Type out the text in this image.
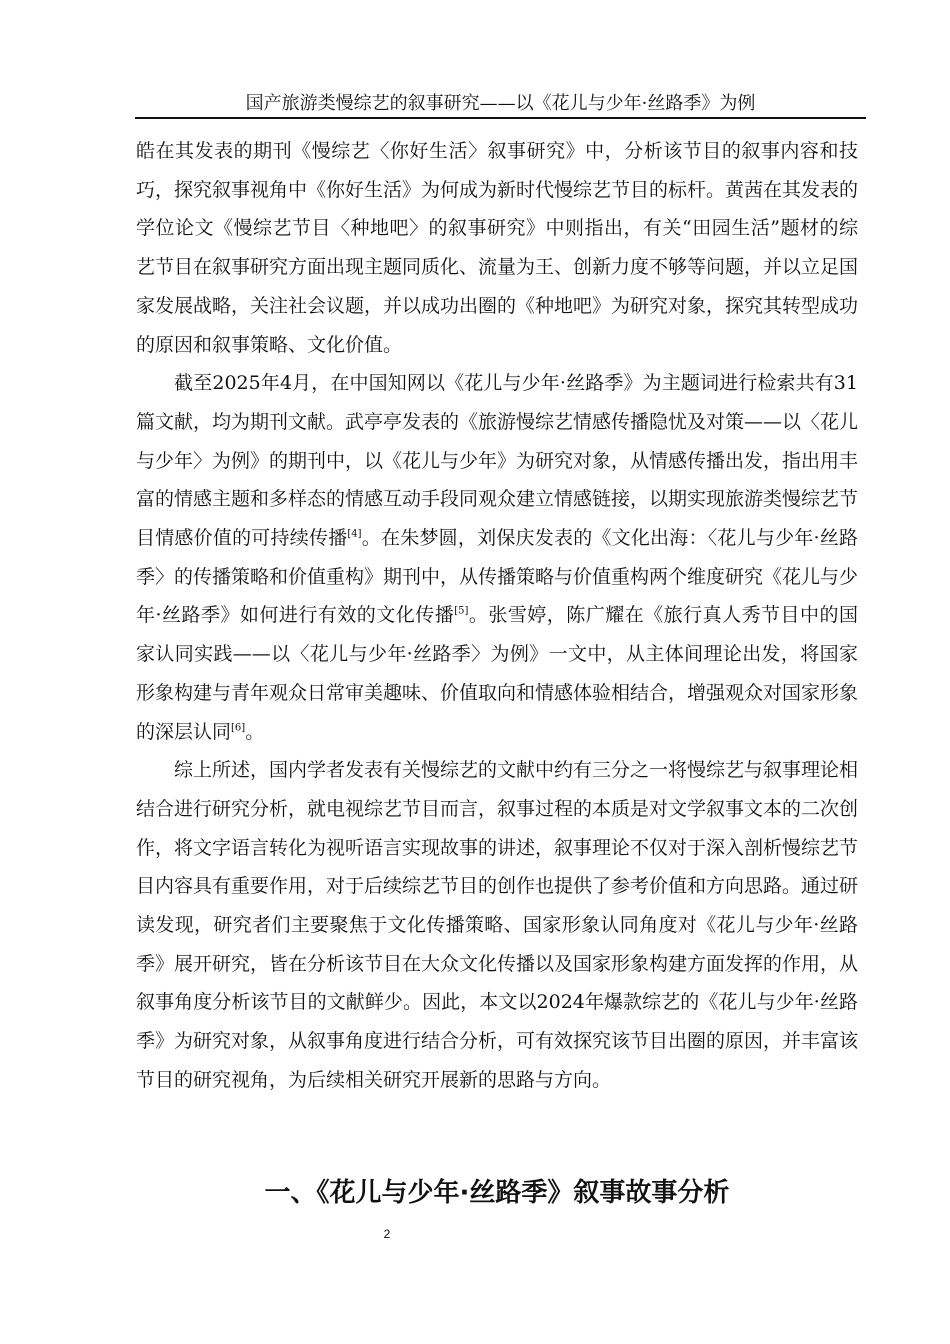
国产旅游类慢综艺的叙事研究——以《花儿与少年·丝路季》为例

皓在其发表的期刊《慢综艺〈你好生活〉叙事研究》中，分析该节目的叙事内容和技巧，探究叙事视角中《你好生活》为何成为新时代慢综艺节目的标杆。黄茜在其发表的学位论文《慢综艺节目〈种地吧〉的叙事研究》中则指出，有关“田园生活”题材的综艺节目在叙事研究方面出现主题同质化、流量为王、创新力度不够等问题，并以立足国家发展战略，关注社会议题，并以成功出圈的《种地吧》为研究对象，探究其转型成功的原因和叙事策略、文化价值。

截至2025年4月，在中国知网以《花儿与少年·丝路季》为主题词进行检索共有31篇文献，均为期刊文献。武亭亭发表的《旅游慢综艺情感传播隐忧及对策——以〈花儿与少年〉为例》的期刊中，以《花儿与少年》为研究对象，从情感传播出发，指出用丰富的情感主题和多样态的情感互动手段同观众建立情感链接，以期实现旅游类慢综艺节目情感价值的可持续传播[4]。在朱梦圆，刘保庆发表的《文化出海：〈花儿与少年·丝路季〉的传播策略和价值重构》期刊中，从传播策略与价值重构两个维度研究《花儿与少年·丝路季》如何进行有效的文化传播[5]。张雪婷，陈广耀在《旅行真人秀节目中的国家认同实践——以〈花儿与少年·丝路季〉为例》一文中，从主体间理论出发，将国家形象构建与青年观众日常审美趣味、价值取向和情感体验相结合，增强观众对国家形象的深层认同[6]。

综上所述，国内学者发表有关慢综艺的文献中约有三分之一将慢综艺与叙事理论相结合进行研究分析，就电视综艺节目而言，叙事过程的本质是对文学叙事文本的二次创作，将文字语言转化为视听语言实现故事的讲述，叙事理论不仅对于深入剖析慢综艺节目内容具有重要作用，对于后续综艺节目的创作也提供了参考价值和方向思路。通过研读发现，研究者们主要聚焦于文化传播策略、国家形象认同角度对《花儿与少年·丝路季》展开研究，皆在分析该节目在大众文化传播以及国家形象构建方面发挥的作用，从叙事角度分析该节目的文献鲜少。因此，本文以2024年爆款综艺的《花儿与少年·丝路季》为研究对象，从叙事角度进行结合分析，可有效探究该节目出圈的原因，并丰富该节目的研究视角，为后续相关研究开展新的思路与方向。

一、《花儿与少年·丝路季》叙事故事分析
2
